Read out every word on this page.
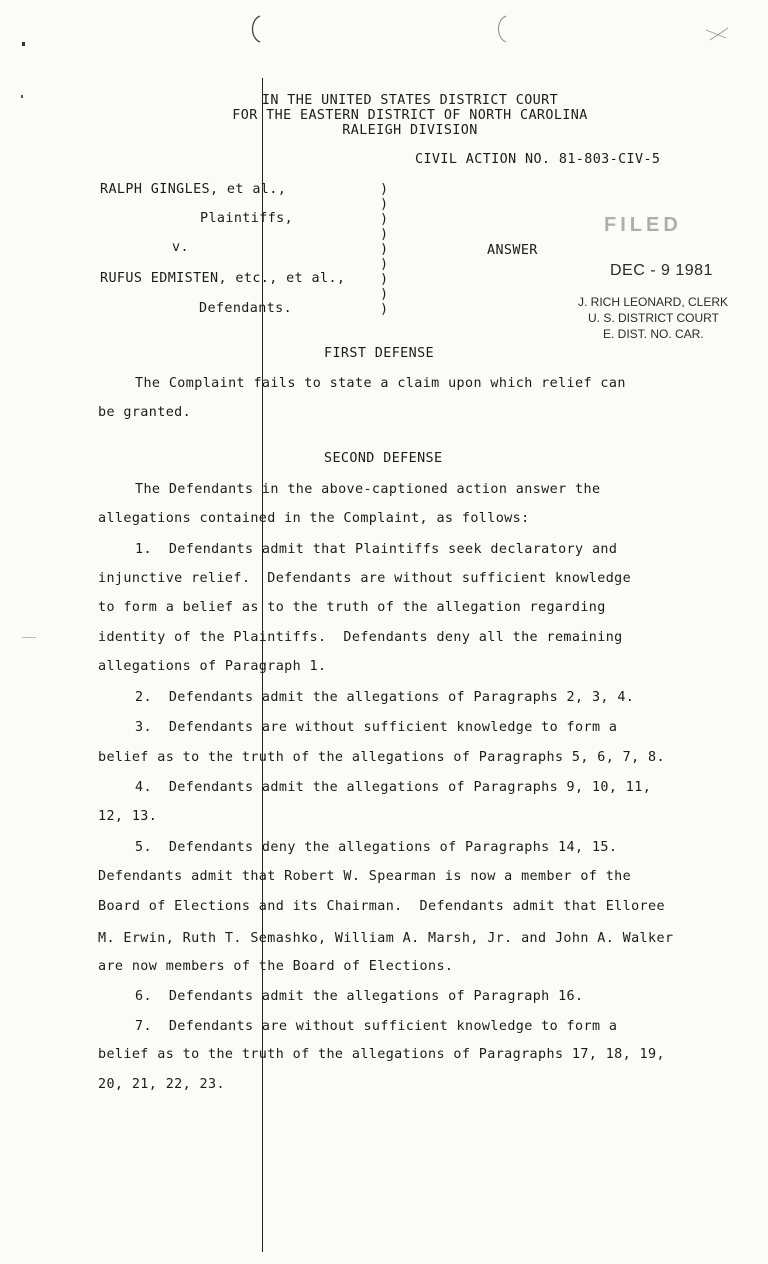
IN THE UNITED STATES DISTRICT COURT
FOR THE EASTERN DISTRICT OF NORTH CAROLINA
RALEIGH DIVISION
CIVIL ACTION NO. 81-803-CIV-5
RALPH GINGLES, et al.,
Plaintiffs,
v.
RUFUS EDMISTEN, etc., et al.,
Defendants.
)
)
)
)
)
)
)
)
)
ANSWER
FILED
DEC - 9 1981
J. RICH LEONARD, CLERK
U. S. DISTRICT COURT
E. DIST. NO. CAR.
FIRST DEFENSE
The Complaint fails to state a claim upon which relief can
be granted.
SECOND DEFENSE
The Defendants in the above-captioned action answer the
allegations contained in the Complaint, as follows:
1.  Defendants admit that Plaintiffs seek declaratory and
injunctive relief.  Defendants are without sufficient knowledge
to form a belief as to the truth of the allegation regarding
identity of the Plaintiffs.  Defendants deny all the remaining
allegations of Paragraph 1.
2.  Defendants admit the allegations of Paragraphs 2, 3, 4.
3.  Defendants are without sufficient knowledge to form a
belief as to the truth of the allegations of Paragraphs 5, 6, 7, 8.
4.  Defendants admit the allegations of Paragraphs 9, 10, 11,
12, 13.
5.  Defendants deny the allegations of Paragraphs 14, 15.
Defendants admit that Robert W. Spearman is now a member of the
Board of Elections and its Chairman.  Defendants admit that Elloree
M. Erwin, Ruth T. Semashko, William A. Marsh, Jr. and John A. Walker
are now members of the Board of Elections.
6.  Defendants admit the allegations of Paragraph 16.
7.  Defendants are without sufficient knowledge to form a
belief as to the truth of the allegations of Paragraphs 17, 18, 19,
20, 21, 22, 23.
